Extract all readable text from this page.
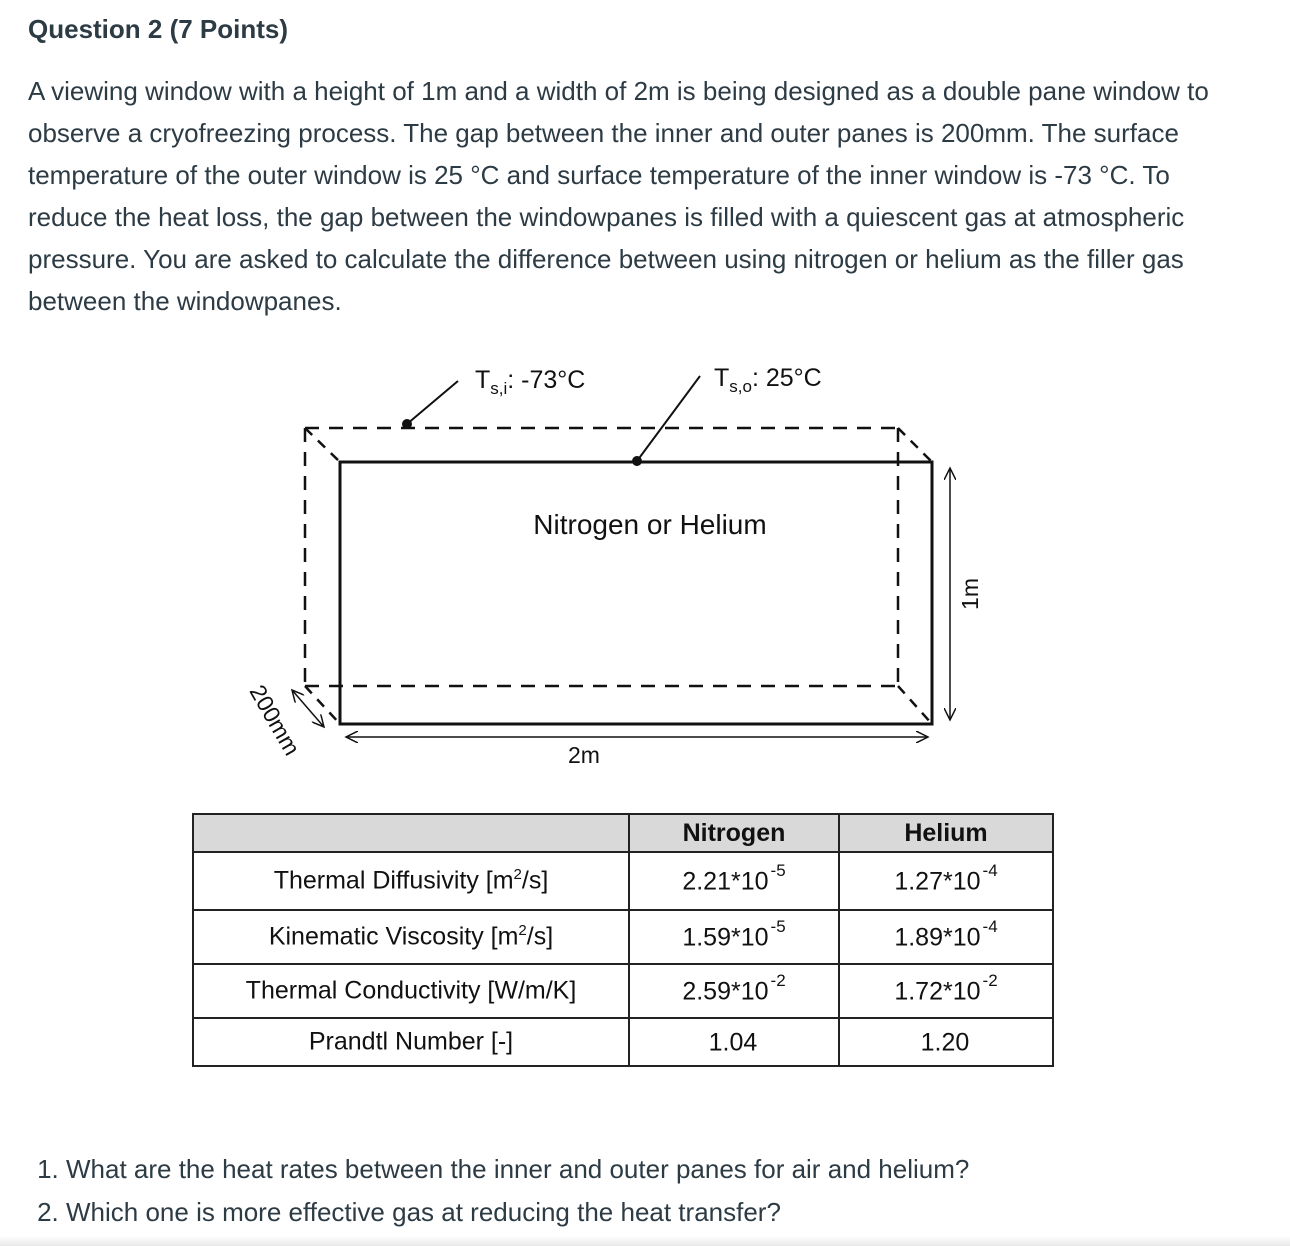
Question 2 (7 Points)
A viewing window with a height of 1m and a width of 2m is being designed as a double pane window to observe a cryofreezing process. The gap between the inner and outer panes is 200mm. The surface temperature of the outer window is 25 °C and surface temperature of the inner window is -73 °C. To reduce the heat loss, the gap between the windowpanes is filled with a quiescent gas at atmospheric pressure. You are asked to calculate the difference between using nitrogen or helium as the filler gas between the windowpanes.
$T_{s,i}$: -73°C	$T_{s,o}$: 25°C
Nitrogen or Helium
2m
1m
200mm
	Nitrogen	Helium
Thermal Diffusivity $[m^2/s]$	2.21*10 $^{-5}$	1.27*10 $^{-4}$
Kinematic Viscosity $[m^2/s]$	1.59*10 $^{-5}$	1.89*10 $^{-4}$
Thermal Conductivity [W/m/K]	2.59*10 $^{-2}$	1.72*10 $^{-2}$
Prandtl Number [-]	1.04	1.20
1. What are the heat rates between the inner and outer panes for air and helium?
2. Which one is more effective gas at reducing the heat transfer?
